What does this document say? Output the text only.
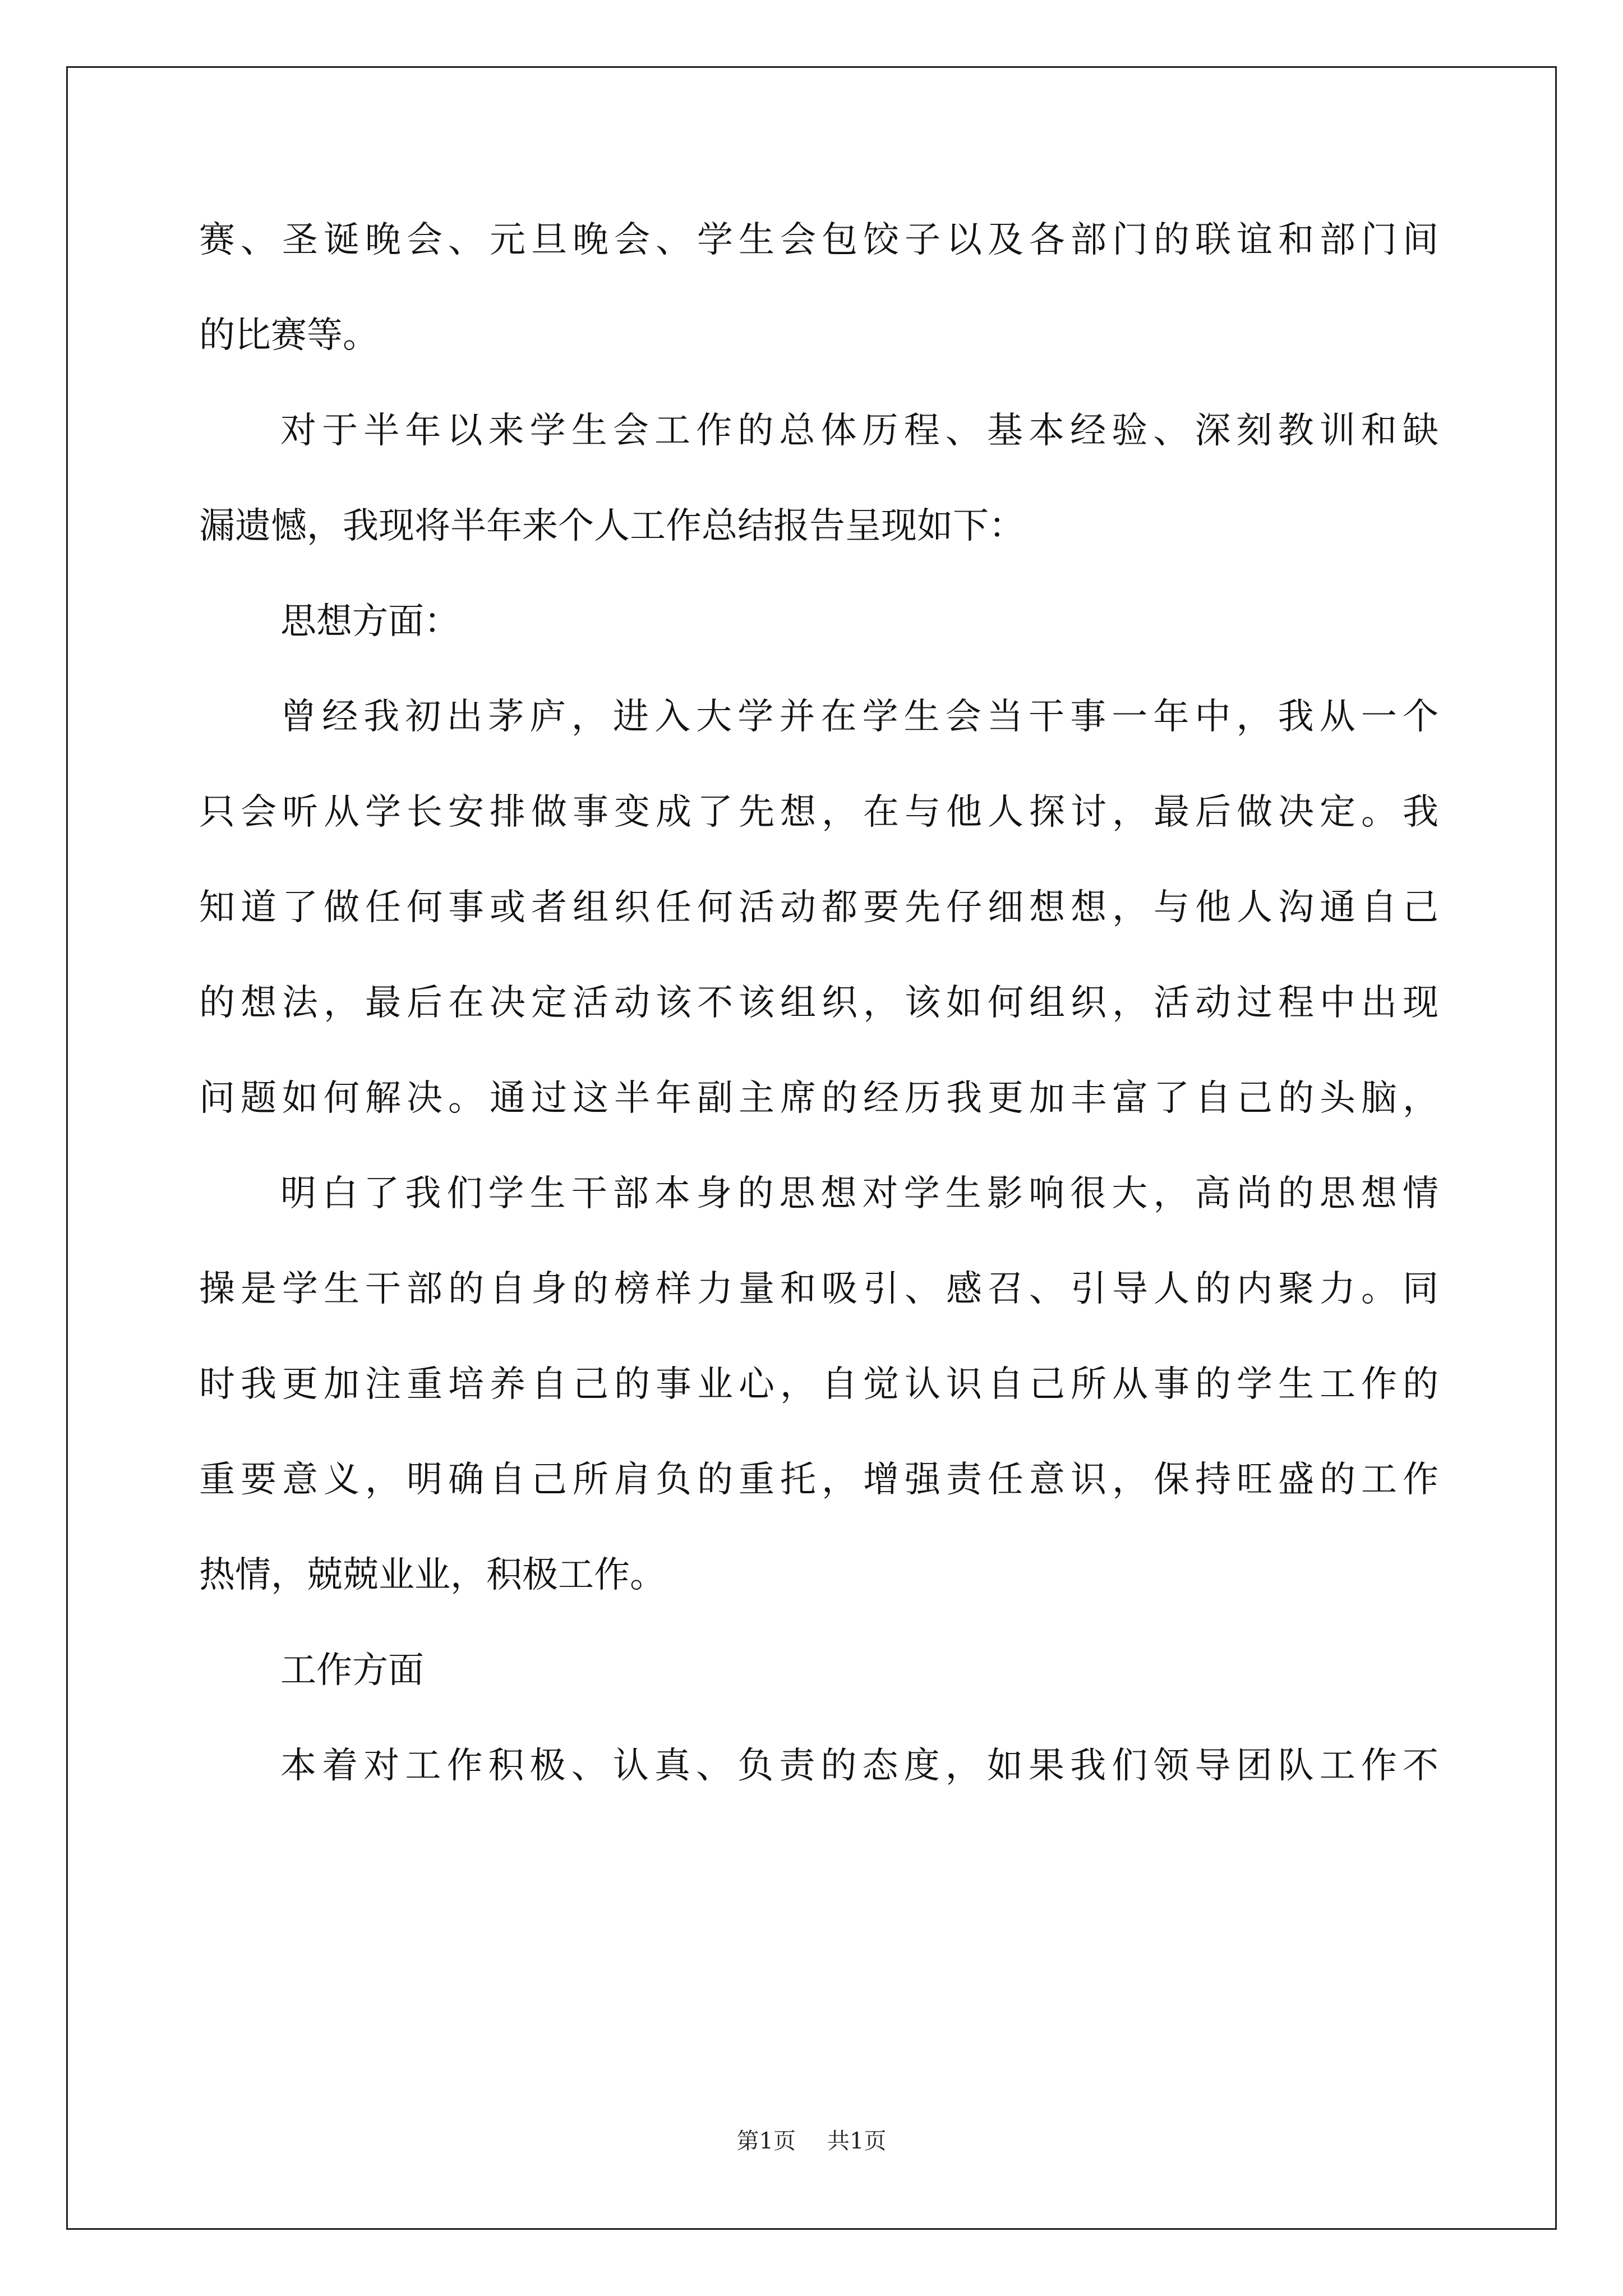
赛、圣诞晚会、元旦晚会、学生会包饺子以及各部门的联谊和部门间
的比赛等。
对于半年以来学生会工作的总体历程、基本经验、深刻教训和缺
漏遗憾，我现将半年来个人工作总结报告呈现如下：
思想方面：
曾经我初出茅庐，进入大学并在学生会当干事一年中，我从一个
只会听从学长安排做事变成了先想，在与他人探讨，最后做决定。我
知道了做任何事或者组织任何活动都要先仔细想想，与他人沟通自己
的想法，最后在决定活动该不该组织，该如何组织，活动过程中出现
问题如何解决。通过这半年副主席的经历我更加丰富了自己的头脑，
明白了我们学生干部本身的思想对学生影响很大，高尚的思想情
操是学生干部的自身的榜样力量和吸引、感召、引导人的内聚力。同
时我更加注重培养自己的事业心，自觉认识自己所从事的学生工作的
重要意义，明确自己所肩负的重托，增强责任意识，保持旺盛的工作
热情，兢兢业业，积极工作。
工作方面
本着对工作积极、认真、负责的态度，如果我们领导团队工作不
第1页 共1页
